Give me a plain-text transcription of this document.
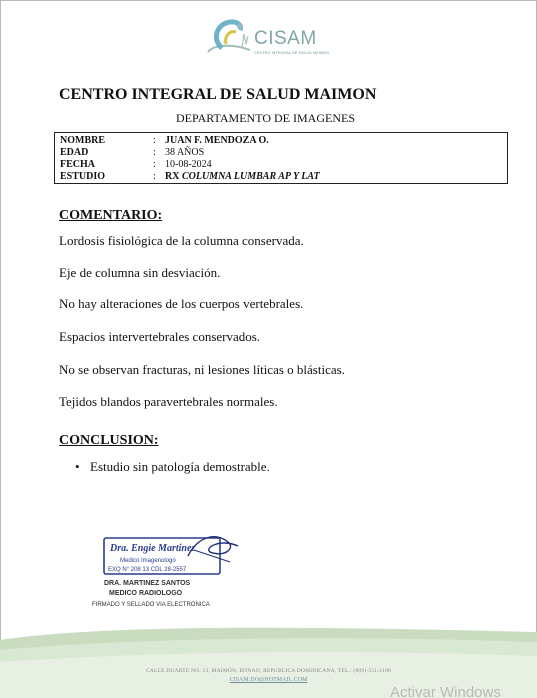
CISAM
CENTRO INTEGRAL DE SALUD MAIMON
CENTRO INTEGRAL DE SALUD MAIMON
DEPARTAMENTO DE IMAGENES
NOMBRE	: JUAN F. MENDOZA O.
EDAD	: 38 AÑOS
FECHA	: 10-08-2024
ESTUDIO	: RX COLUMNA LUMBAR AP Y LAT
COMENTARIO:
Lordosis fisiológica de la columna conservada.
Eje de columna sin desviación.
No hay alteraciones de los cuerpos vertebrales.
Espacios intervertebrales conservados.
No se observan fracturas, ni lesiones líticas o blásticas.
Tejidos blandos paravertebrales normales.
CONCLUSION:
• Estudio sin patología demostrable.
Dra. Engie Martinez
Medico Imagenologo
EXQ N° 208 13 CDL 28-2557
DRA. MARTINEZ SANTOS
MEDICO RADIOLOGO
FIRMADO Y SELLADO VIA ELECTRONICA
CALLE DUARTE NO. 13, MAIMÓN, BONAO, REPUBLICA DOMINICANA, TEL.: (809)-551-2196
CISAM.DO@HOTMAIL.COM
Activar Windows
